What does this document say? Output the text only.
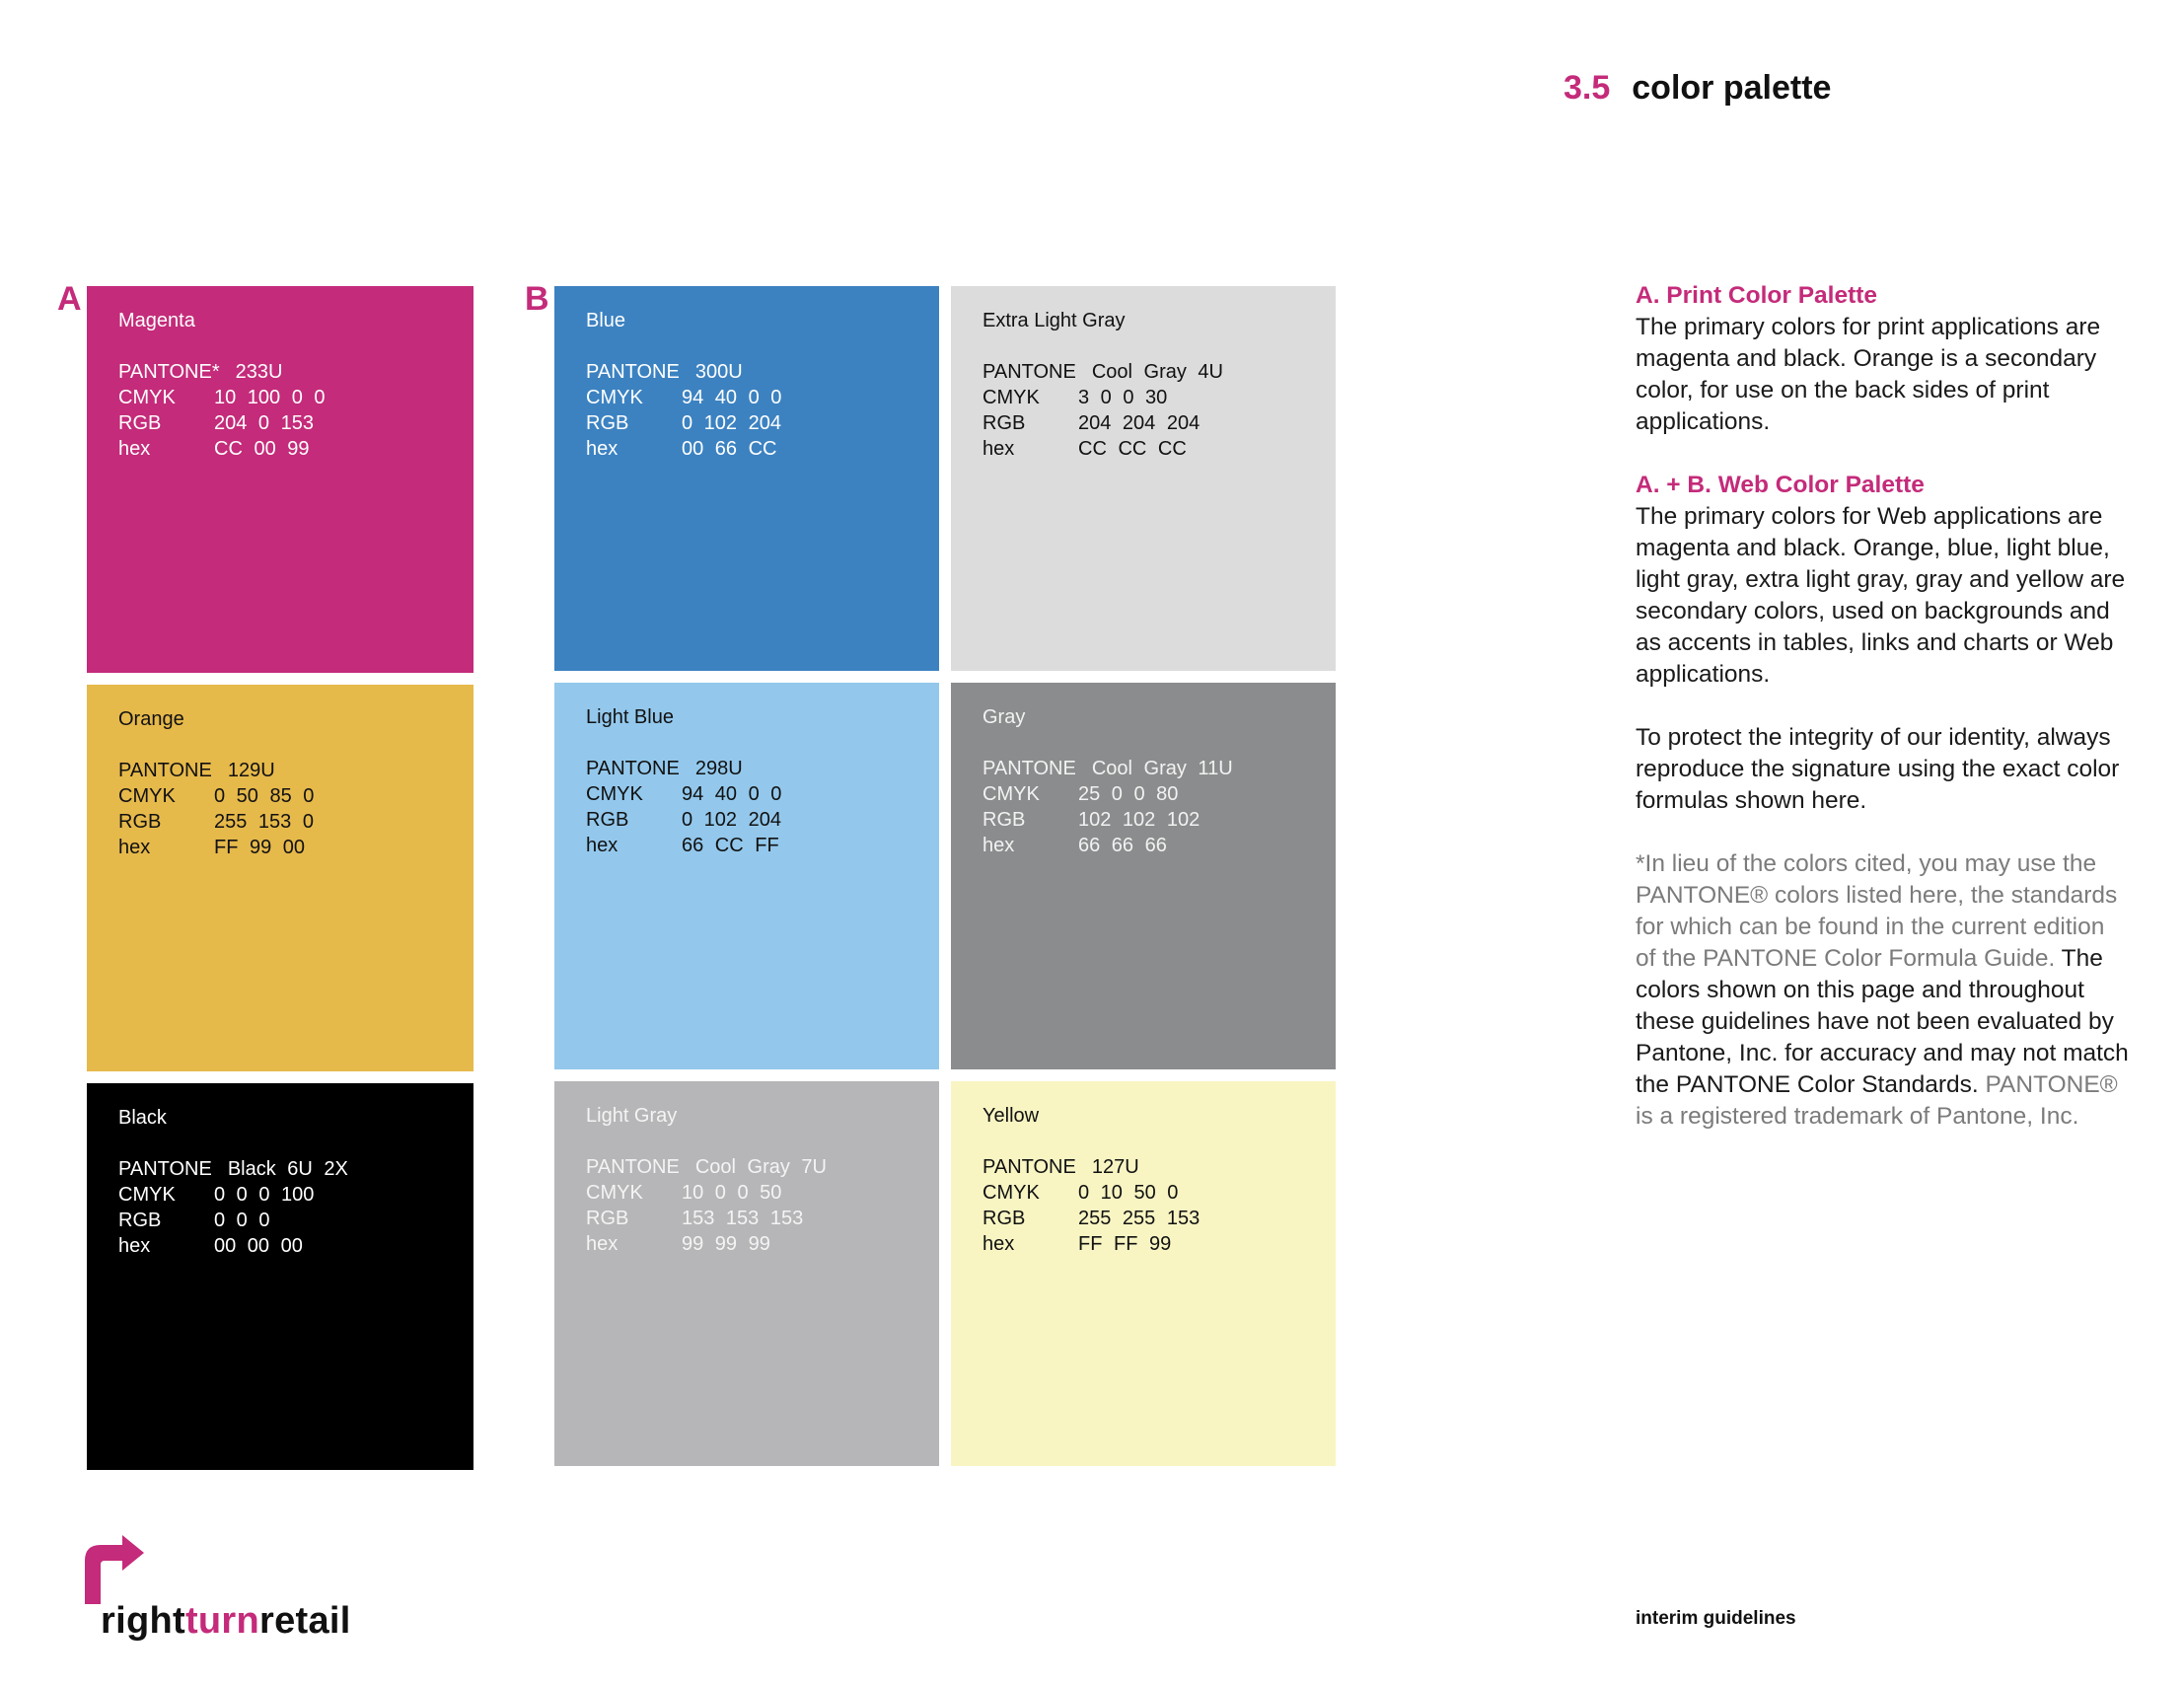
3.5 color palette
A	B
Magenta
PANTONE* 233U
CMYK	10 100 0 0
RGB	204 0 153
hex	CC 00 99
Orange
PANTONE 129U
CMYK	0 50 85 0
RGB	255 153 0
hex	FF 99 00
Black
PANTONE Black 6U 2X
CMYK	0 0 0 100
RGB	0 0 0
hex	00 00 00
Blue
PANTONE 300U
CMYK	94 40 0 0
RGB	0 102 204
hex	00 66 CC
Light Blue
PANTONE 298U
CMYK	94 40 0 0
RGB	0 102 204
hex	66 CC FF
Light Gray
PANTONE Cool Gray 7U
CMYK	10 0 0 50
RGB	153 153 153
hex	99 99 99
Extra Light Gray
PANTONE Cool Gray 4U
CMYK	3 0 0 30
RGB	204 204 204
hex	CC CC CC
Gray
PANTONE Cool Gray 11U
CMYK	25 0 0 80
RGB	102 102 102
hex	66 66 66
Yellow
PANTONE 127U
CMYK	0 10 50 0
RGB	255 255 153
hex	FF FF 99
A. Print Color Palette

The primary colors for print applications are magenta and black. Orange is a secondary color, for use on the back sides of print applications.

A. + B. Web Color Palette

The primary colors for Web applications are magenta and black. Orange, blue, light blue, light gray, extra light gray, gray and yellow are secondary colors, used on backgrounds and as accents in tables, links and charts or Web applications.

To protect the integrity of our identity, always reproduce the signature using the exact color formulas shown here.

*In lieu of the colors cited, you may use the PANTONE® colors listed here, the standards for which can be found in the current edition of the PANTONE Color Formula Guide. The colors shown on this page and throughout these guidelines have not been evaluated by Pantone, Inc. for accuracy and may not match the PANTONE Color Standards. PANTONE® is a registered trademark of Pantone, Inc.

rightturnretail	interim guidelines
